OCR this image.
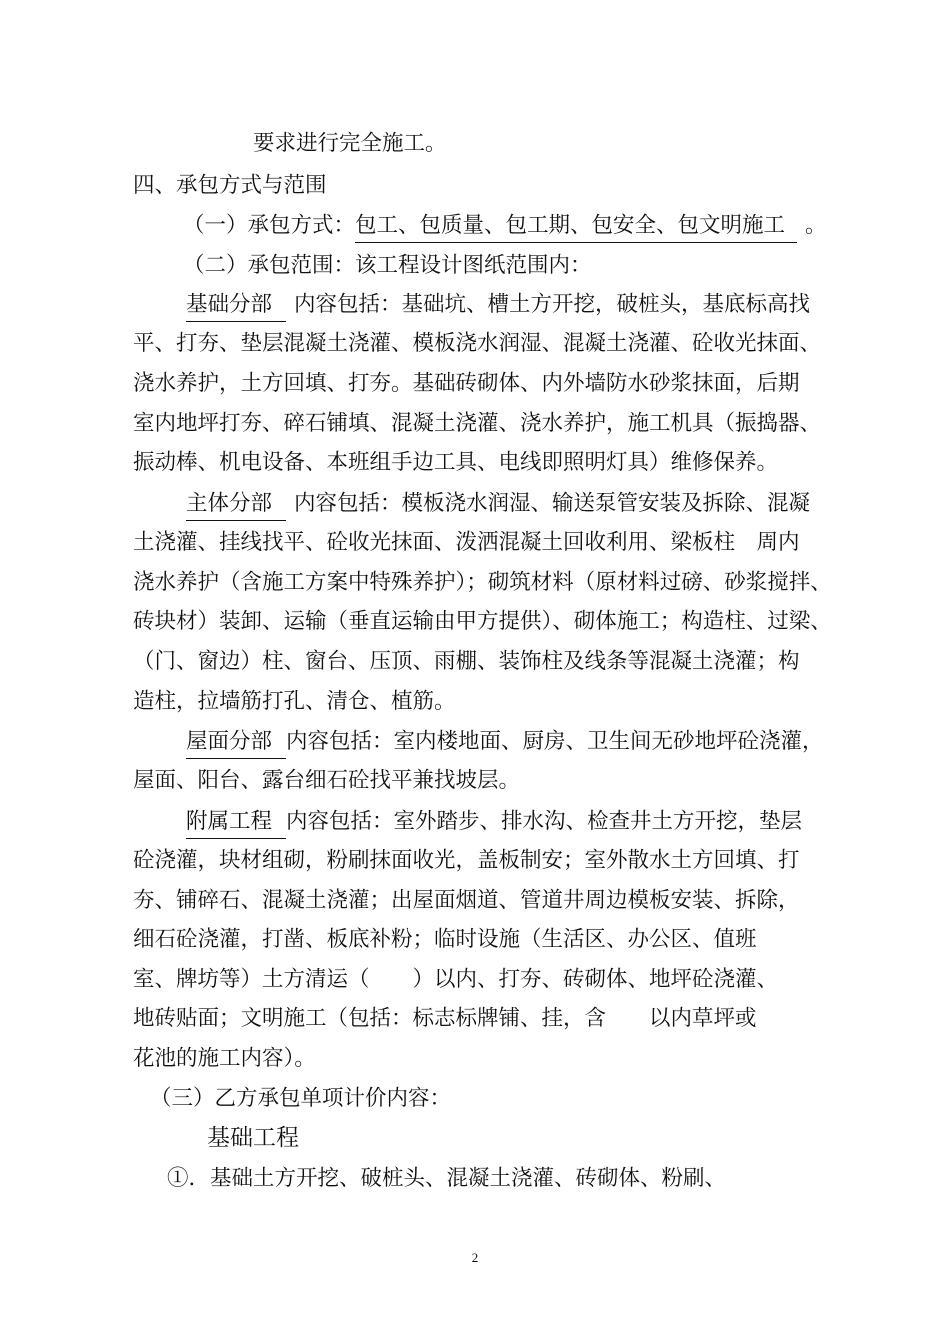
要求进行完全施工。
四、承包方式与范围
（一）承包方式：包工、包质量、包工期、包安全、包文明施工 。
（二）承包范围：该工程设计图纸范围内：
基础分部 内容包括：基础坑、槽土方开挖，破桩头，基底标高找
平、打夯、垫层混凝土浇灌、模板浇水润湿、混凝土浇灌、砼收光抹面、
浇水养护，土方回填、打夯。基础砖砌体、内外墙防水砂浆抹面，后期
室内地坪打夯、碎石铺填、混凝土浇灌、浇水养护，施工机具（振捣器、
振动棒、机电设备、本班组手边工具、电线即照明灯具）维修保养。
主体分部 内容包括：模板浇水润湿、输送泵管安装及拆除、混凝
土浇灌、挂线找平、砼收光抹面、泼洒混凝土回收利用、梁板柱　周内
浇水养护（含施工方案中特殊养护）；砌筑材料（原材料过磅、砂浆搅拌、
砖块材）装卸、运输（垂直运输由甲方提供）、砌体施工；构造柱、过梁、
（门、窗边）柱、窗台、压顶、雨棚、装饰柱及线条等混凝土浇灌；构
造柱，拉墙筋打孔、清仓、植筋。
屋面分部 内容包括：室内楼地面、厨房、卫生间无砂地坪砼浇灌，
屋面、阳台、露台细石砼找平兼找坡层。
附属工程 内容包括：室外踏步、排水沟、检查井土方开挖，垫层
砼浇灌，块材组砌，粉刷抹面收光，盖板制安；室外散水土方回填、打
夯、铺碎石、混凝土浇灌；出屋面烟道、管道井周边模板安装、拆除，
细石砼浇灌，打凿、板底补粉；临时设施（生活区、办公区、值班
室、牌坊等）土方清运（　　）以内、打夯、砖砌体、地坪砼浇灌、
地砖贴面；文明施工（包括：标志标牌铺、挂，含　　以内草坪或
花池的施工内容）。
（三）乙方承包单项计价内容：
基础工程
①．基础土方开挖、破桩头、混凝土浇灌、砖砌体、粉刷、
2
